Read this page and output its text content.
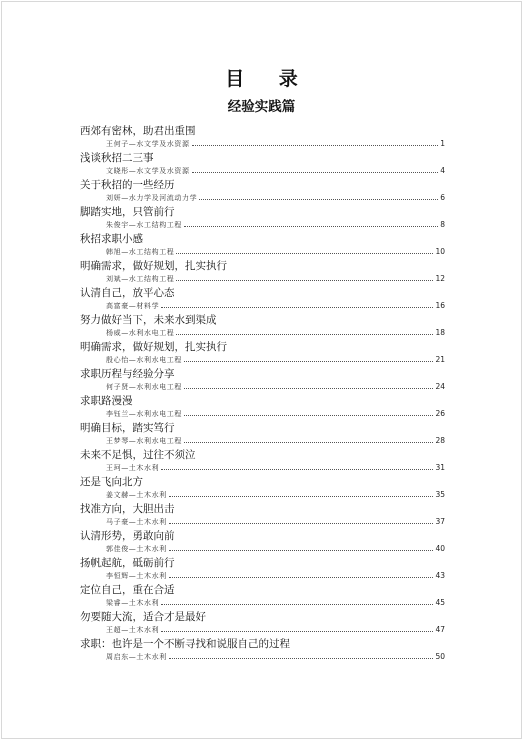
目 录
经验实践篇
西郊有密林，助君出重围
王何子—水文学及水资源	1
浅谈秋招二三事
文晓彤—水文学及水资源	4
关于秋招的一些经历
刘妍—水力学及河流动力学	6
脚踏实地，只管前行
朱俊宇—水工结构工程	8
秋招求职小感
韩旭—水工结构工程	10
明确需求，做好规划，扎实执行
刘斌—水工结构工程	12
认清自己，放平心态
高富豪—材料学	16
努力做好当下，未来水到渠成
杨威—水利水电工程	18
明确需求，做好规划，扎实执行
殷心怡—水利水电工程	21
求职历程与经验分享
何子贤—水利水电工程	24
求职路漫漫
李钰兰—水利水电工程	26
明确目标，踏实笃行
王梦琴—水利水电工程	28
未来不足惧，过往不须泣
王珂—土木水利	31
还是飞向北方
姜文赫—土木水利	35
找准方向，大胆出击
马子豪—土木水利	37
认清形势，勇敢向前
郭佳俊—土木水利	40
扬帆起航，砥砺前行
李恒辉—土木水利	43
定位自己，重在合适
梁睿—土木水利	45
勿要随大流，适合才是最好
王超—土木水利	47
求职：也许是一个不断寻找和说服自己的过程
周启东—土木水利	50
